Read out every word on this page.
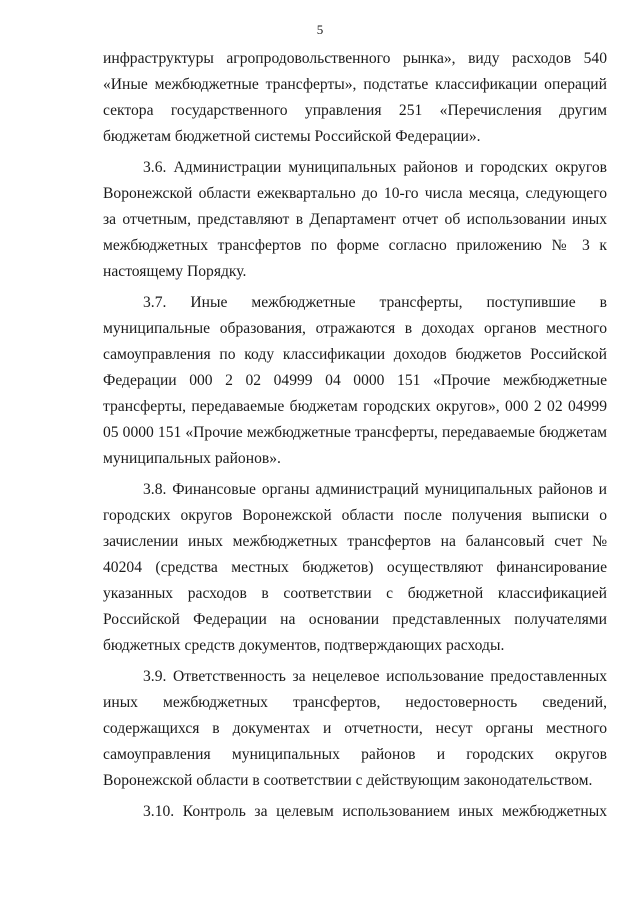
5

инфраструктуры агропродовольственного рынка», виду расходов 540 «Иные межбюджетные трансферты», подстатье классификации операций сектора государственного управления 251 «Перечисления другим бюджетам бюджетной системы Российской Федерации».

3.6. Администрации муниципальных районов и городских округов Воронежской области ежеквартально до 10-го числа месяца, следующего за отчетным, представляют в Департамент отчет об использовании иных межбюджетных трансфертов по форме согласно приложению № 3 к настоящему Порядку.

3.7. Иные межбюджетные трансферты, поступившие в муниципальные образования, отражаются в доходах органов местного самоуправления по коду классификации доходов бюджетов Российской Федерации 000 2 02 04999 04 0000 151 «Прочие межбюджетные трансферты, передаваемые бюджетам городских округов», 000 2 02 04999 05 0000 151 «Прочие межбюджетные трансферты, передаваемые бюджетам муниципальных районов».

3.8. Финансовые органы администраций муниципальных районов и городских округов Воронежской области после получения выписки о зачислении иных межбюджетных трансфертов на балансовый счет № 40204 (средства местных бюджетов) осуществляют финансирование указанных расходов в соответствии с бюджетной классификацией Российской Федерации на основании представленных получателями бюджетных средств документов, подтверждающих расходы.

3.9. Ответственность за нецелевое использование предоставленных иных межбюджетных трансфертов, недостоверность сведений, содержащихся в документах и отчетности, несут органы местного самоуправления муниципальных районов и городских округов Воронежской области в соответствии с действующим законодательством.

3.10. Контроль за целевым использованием иных межбюджетных
